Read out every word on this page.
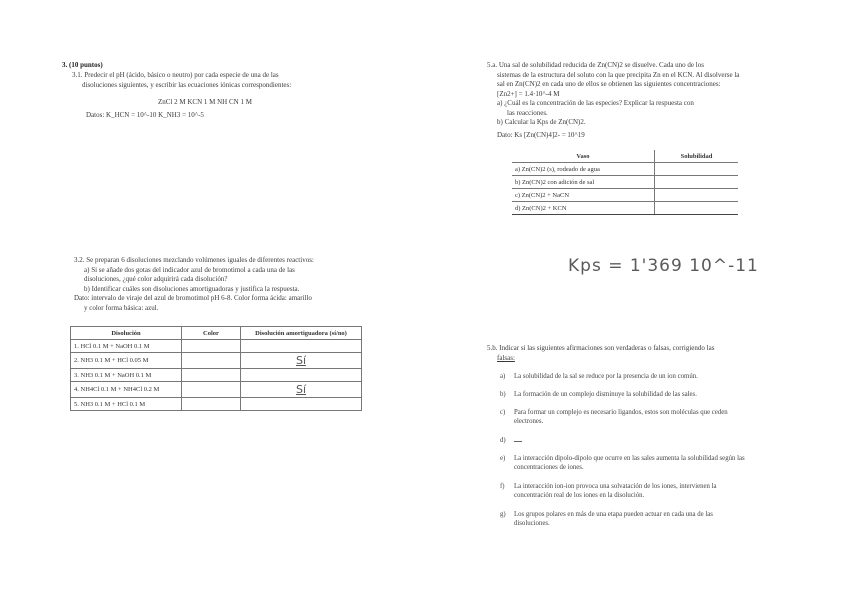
3. (10 puntos)
3.1. Predecir el pH (ácido, básico o neutro) por cada especie de una de las
disoluciones siguientes, y escribir las ecuaciones iónicas correspondientes:
ZnCl 2 M KCN 1 M NH CN 1 M
Datos: K_HCN = 10^-10 K_NH3 = 10^-5
3.2. Se preparan 6 disoluciones mezclando volúmenes iguales de diferentes reactivos:
a) Si se añade dos gotas del indicador azul de bromotimol a cada una de las
disoluciones, ¿qué color adquirirá cada disolución?
b) Identificar cuáles son disoluciones amortiguadoras y justifica la respuesta.
Dato: intervalo de viraje del azul de bromotimol pH 6-8. Color forma ácida: amarillo
y color forma básica: azul.
Disolución	Color	Disolución amortiguadora (sí/no)
1. HCl 0.1 M + NaOH 0.1 M		
2. NH3 0.1 M + HCl 0.05 M		Sí
3. NH3 0.1 M + NaOH 0.1 M		
4. NH4Cl 0.1 M + NH4Cl 0.2 M		Sí
5. NH3 0.1 M + HCl 0.1 M		
5.a. Una sal de solubilidad reducida de Zn(CN)2 se disuelve. Cada uno de los
sistemas de la estructura del soluto con la que precipita Zn en el KCN. Al disolverse la
sal en Zn(CN)2 en cada uno de ellos se obtienen las siguientes concentraciones:
[Zn2+] = 1.4·10^-4 M
a) ¿Cuál es la concentración de las especies? Explicar la respuesta con
las reacciones.
b) Calcular la Kps de Zn(CN)2.
Dato: Ks [Zn(CN)4]2- = 10^19
Vaso	Solubilidad
a) Zn(CN)2 (s), rodeado de agua	
b) Zn(CN)2 con adición de sal	
c) Zn(CN)2 + NaCN	
d) Zn(CN)2 + KCN	
Kps = 1'369 10^-11
5.b. Indicar si las siguientes afirmaciones son verdaderas o falsas, corrigiendo las
falsas:
a) La solubilidad de la sal se reduce por la presencia de un ion común.
b) La formación de un complejo disminuye la solubilidad de las sales.
c) Para formar un complejo es necesario ligandos, estos son moléculas que ceden
electrones.
d)
e) La interacción dipolo-dipolo que ocurre en las sales aumenta la solubilidad según las
concentraciones de iones.
f) La interacción ion-ion provoca una solvatación de los iones, intervienen la
concentración real de los iones en la disolución.
g) Los grupos polares en más de una etapa pueden actuar en cada una de las
disoluciones.
